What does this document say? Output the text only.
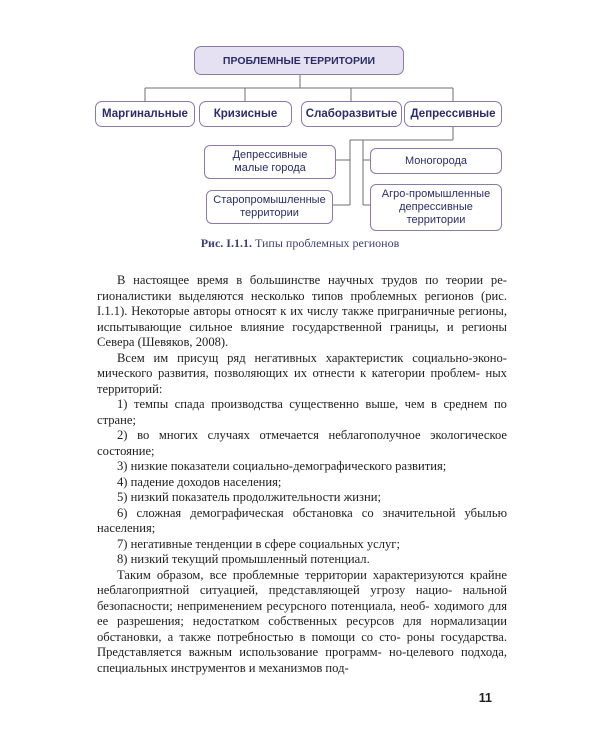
ПРОБЛЕМНЫЕ ТЕРРИТОРИИ
Маргинальные Кризисные Слаборазвитые Депрессивные
Депрессивные
малые города
Моногорода
Старопромышленные
территории
Агро-промышленные
депрессивные
территории
Рис. I.1.1. Типы проблемных регионов

В настоящее время в большинстве научных трудов по теории ре- гионалистики выделяются несколько типов проблемных регионов (рис. I.1.1). Некоторые авторы относят к их числу также приграничные регионы, испытывающие сильное влияние государственной границы, и регионы Севера (Шевяков, 2008).

Всем им присущ ряд негативных характеристик социально-эконо- мического развития, позволяющих их отнести к категории проблем- ных территорий:

1) темпы спада производства существенно выше, чем в среднем по стране;

2) во многих случаях отмечается неблагополучное экологическое состояние;

3) низкие показатели социально-демографического развития;

4) падение доходов населения;

5) низкий показатель продолжительности жизни;

6) сложная демографическая обстановка со значительной убылью населения;

7) негативные тенденции в сфере социальных услуг;

8) низкий текущий промышленный потенциал.

Таким образом, все проблемные территории характеризуются крайне неблагоприятной ситуацией, представляющей угрозу нацио- нальной безопасности; неприменением ресурсного потенциала, необ- ходимого для ее разрешения; недостатком собственных ресурсов для нормализации обстановки, а также потребностью в помощи со сто- роны государства. Представляется важным использование программ- но-целевого подхода, специальных инструментов и механизмов под-

11
